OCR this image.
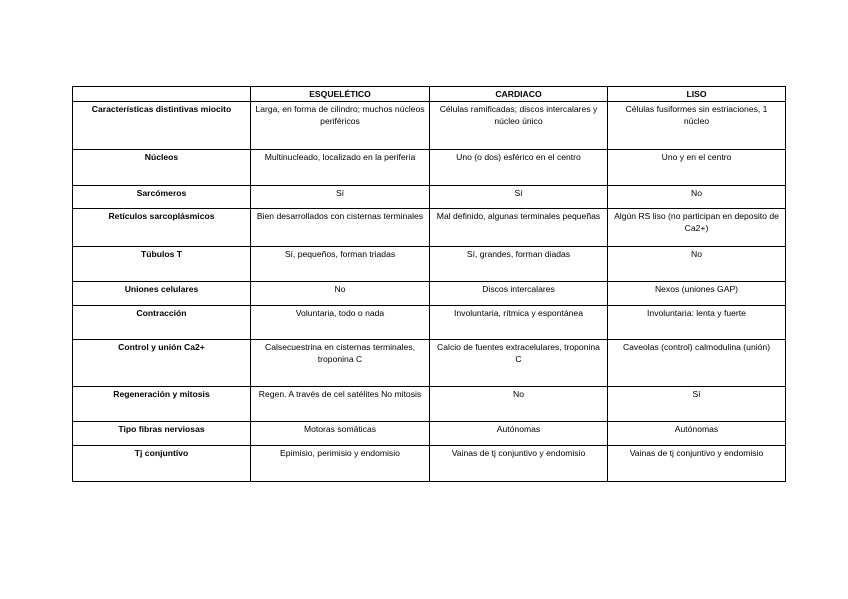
	ESQUELÉTICO	CARDIACO	LISO
Características distintivas miocito	Larga, en forma de cilindro; muchos núcleos periféricos	Células ramificadas; discos intercalares y núcleo único	Células fusiformes sin estriaciones, 1 núcleo
Núcleos	Multinucleado, localizado en la periferia	Uno (o dos) esférico en el centro	Uno y en el centro
Sarcómeros	Sí	Sí	No
Retículos sarcoplásmicos	Bien desarrollados con cisternas terminales	Mal definido, algunas terminales pequeñas	Algún RS liso (no participan en deposito de Ca2+)
Túbulos T	Sí, pequeños, forman triadas	Sí, grandes, forman diadas	No
Uniones celulares	No	Discos intercalares	Nexos (uniones GAP)
Contracción	Voluntaria, todo o nada	Involuntaria, rítmica y espontánea	Involuntaria: lenta y fuerte
Control y unión Ca2+	Calsecuestrina en cisternas terminales, troponina C	Calcio de fuentes extracelulares, troponina C	Caveolas (control) calmodulina (unión)
Regeneración y mitosis	Regen. A través de cel satélites No mitosis	No	Sí
Tipo fibras nerviosas	Motoras somáticas	Autónomas	Autónomas
Tj conjuntivo	Epimisio, perimisio y endomisio	Vainas de tj conjuntivo y endomisio	Vainas de tj conjuntivo y endomisio
